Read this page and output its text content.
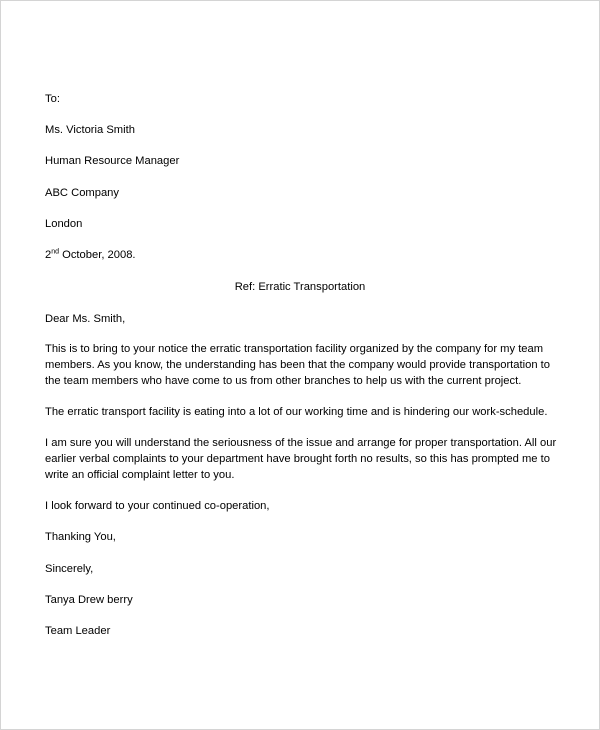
To:
Ms. Victoria Smith
Human Resource Manager
ABC Company
London
2nd October, 2008.
Ref: Erratic Transportation
Dear Ms. Smith,
This is to bring to your notice the erratic transportation facility organized by the company for my team
members. As you know, the understanding has been that the company would provide transportation to
the team members who have come to us from other branches to help us with the current project.
The erratic transport facility is eating into a lot of our working time and is hindering our work-schedule.
I am sure you will understand the seriousness of the issue and arrange for proper transportation. All our
earlier verbal complaints to your department have brought forth no results, so this has prompted me to
write an official complaint letter to you.
I look forward to your continued co-operation,
Thanking You,
Sincerely,
Tanya Drew berry
Team Leader
